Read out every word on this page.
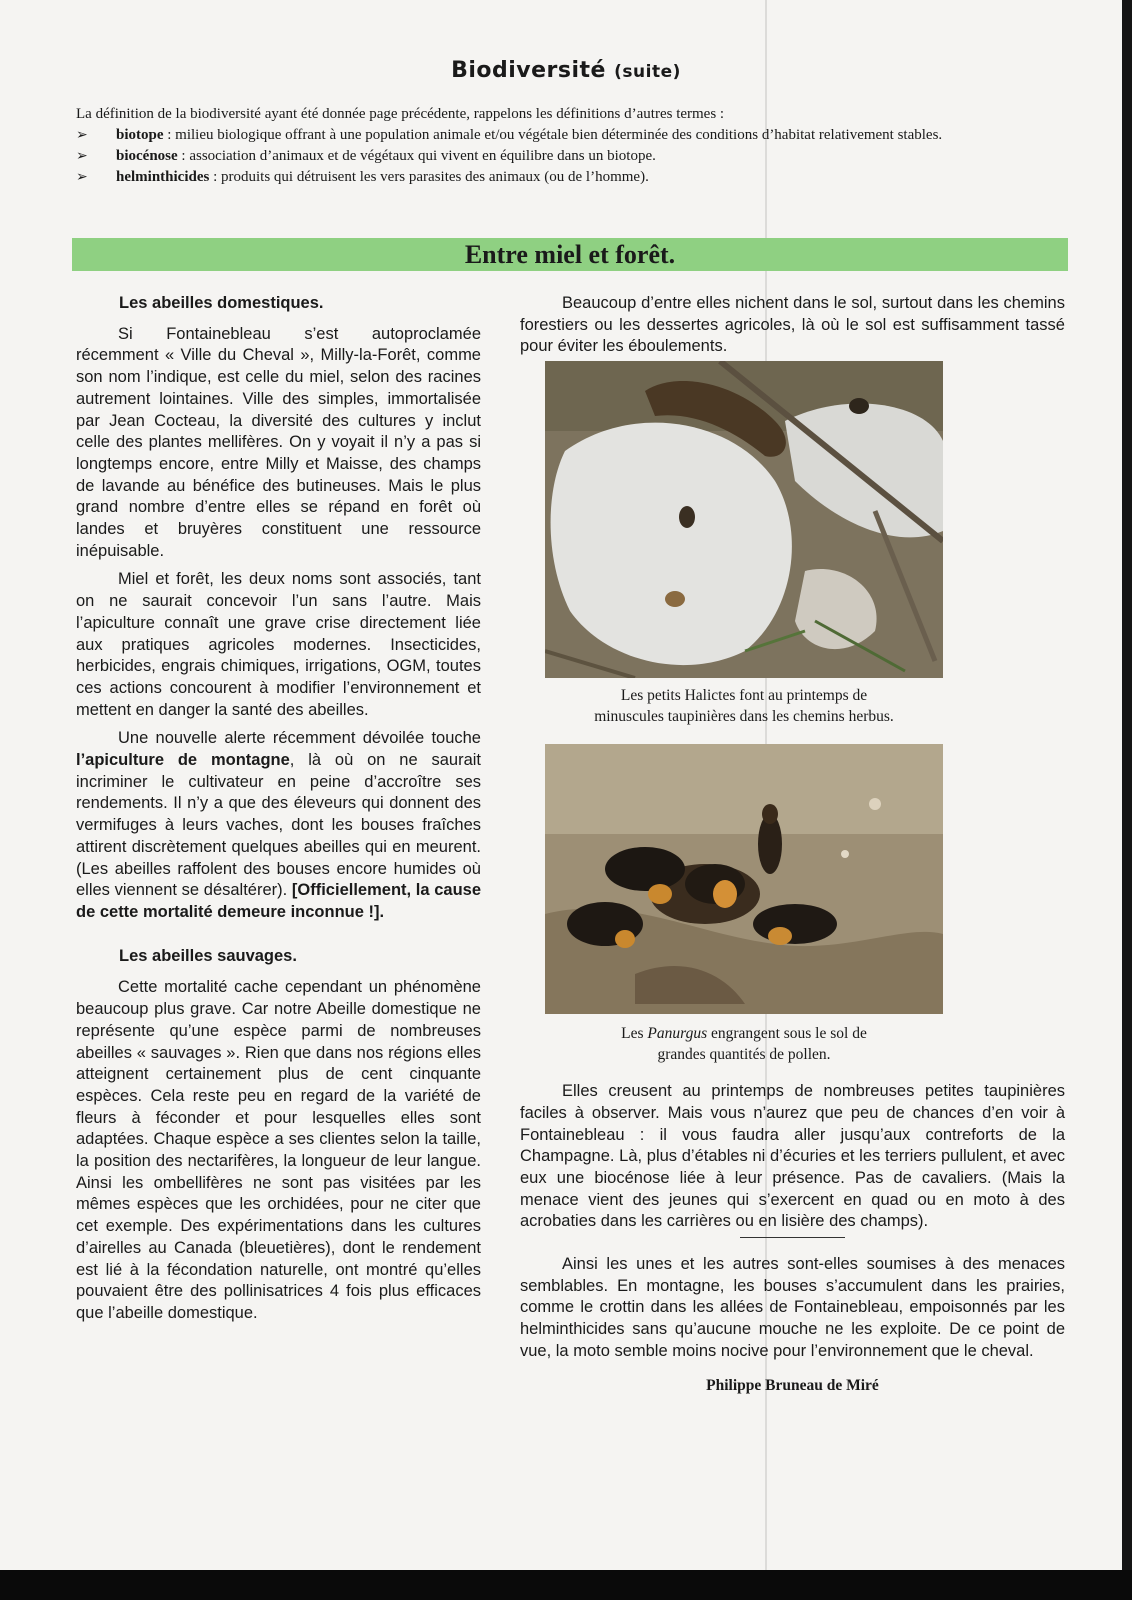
Biodiversité (suite)

La définition de la biodiversité ayant été donnée page précédente, rappelons les définitions d’autres termes :

➢ biotope : milieu biologique offrant à une population animale et/ou végétale bien déterminée des conditions d’habitat relativement stables.
➢ biocénose : association d’animaux et de végétaux qui vivent en équilibre dans un biotope.
➢ helminthicides : produits qui détruisent les vers parasites des animaux (ou de l’homme).
Entre miel et forêt.
Les abeilles domestiques.

Si Fontainebleau s’est autoproclamée récemment « Ville du Cheval », Milly-la-Forêt, comme son nom l’indique, est celle du miel, selon des racines autrement lointaines. Ville des simples, immortalisée par Jean Cocteau, la diversité des cultures y inclut celle des plantes mellifères. On y voyait il n’y a pas si longtemps encore, entre Milly et Maisse, des champs de lavande au bénéfice des butineuses. Mais le plus grand nombre d’entre elles se répand en forêt où landes et bruyères constituent une ressource inépuisable.

Miel et forêt, les deux noms sont associés, tant on ne saurait concevoir l’un sans l’autre. Mais l’apiculture connaît une grave crise directement liée aux pratiques agricoles modernes. Insecticides, herbicides, engrais chimiques, irrigations, OGM, toutes ces actions concourent à modifier l’environnement et mettent en danger la santé des abeilles.

Une nouvelle alerte récemment dévoilée touche l’apiculture de montagne, là où on ne saurait incriminer le cultivateur en peine d’accroître ses rendements. Il n’y a que des éleveurs qui donnent des vermifuges à leurs vaches, dont les bouses fraîches attirent discrètement quelques abeilles qui en meurent. (Les abeilles raffolent des bouses encore humides où elles viennent se désaltérer). [Officiellement, la cause de cette mortalité demeure inconnue !].

Les abeilles sauvages.

Cette mortalité cache cependant un phénomène beaucoup plus grave. Car notre Abeille domestique ne représente qu’une espèce parmi de nombreuses abeilles « sauvages ». Rien que dans nos régions elles atteignent certainement plus de cent cinquante espèces. Cela reste peu en regard de la variété de fleurs à féconder et pour lesquelles elles sont adaptées. Chaque espèce a ses clientes selon la taille, la position des nectarifères, la longueur de leur langue. Ainsi les ombellifères ne sont pas visitées par les mêmes espèces que les orchidées, pour ne citer que cet exemple. Des expérimentations dans les cultures d’airelles au Canada (bleuetières), dont le rendement est lié à la fécondation naturelle, ont montré qu’elles pouvaient être des pollinisatrices 4 fois plus efficaces que l’abeille domestique.

Beaucoup d’entre elles nichent dans le sol, surtout dans les chemins forestiers ou les dessertes agricoles, là où le sol est suffisamment tassé pour éviter les éboulements.

Les petits Halictes font au printemps de
minuscules taupinières dans les chemins herbus.
Les Panurgus engrangent sous le sol de
grandes quantités de pollen.

Elles creusent au printemps de nombreuses petites taupinières faciles à observer. Mais vous n’aurez que peu de chances d’en voir à Fontainebleau : il vous faudra aller jusqu’aux contreforts de la Champagne. Là, plus d’étables ni d’écuries et les terriers pullulent, et avec eux une biocénose liée à leur présence. Pas de cavaliers. (Mais la menace vient des jeunes qui s’exercent en quad ou en moto à des acrobaties dans les carrières ou en lisière des champs).

Ainsi les unes et les autres sont-elles soumises à des menaces semblables. En montagne, les bouses s’accumulent dans les prairies, comme le crottin dans les allées de Fontainebleau, empoisonnés par les helminthicides sans qu’aucune mouche ne les exploite. De ce point de vue, la moto semble moins nocive pour l’environnement que le cheval.

Philippe Bruneau de Miré
